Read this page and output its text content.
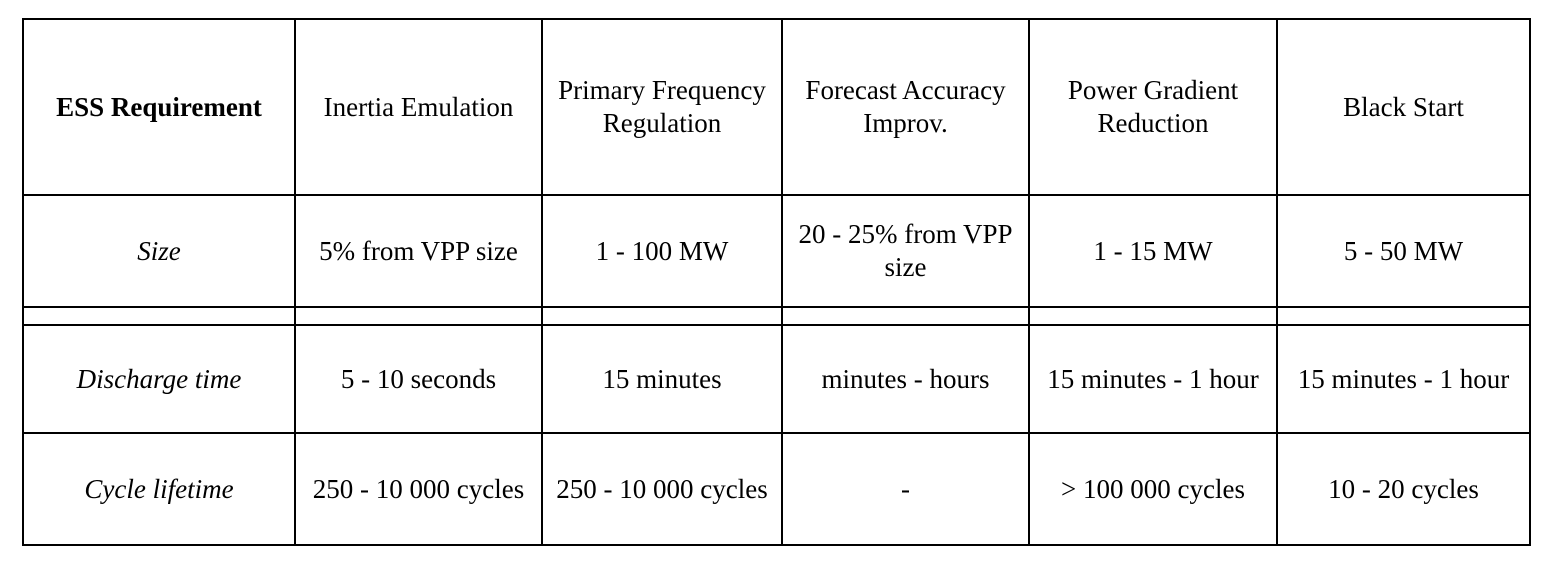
ESS Requirement	Inertia Emulation	Primary Frequency Regulation	Forecast Accuracy Improv.	Power Gradient Reduction	Black Start
Size	5% from VPP size	1 - 100 MW	20 - 25% from VPP size	1 - 15 MW	5 - 50 MW

Discharge time	5 - 10 seconds	15 minutes	minutes - hours	15 minutes - 1 hour	15 minutes - 1 hour
Cycle lifetime	250 - 10 000 cycles	250 - 10 000 cycles	-	> 100 000 cycles	10 - 20 cycles
